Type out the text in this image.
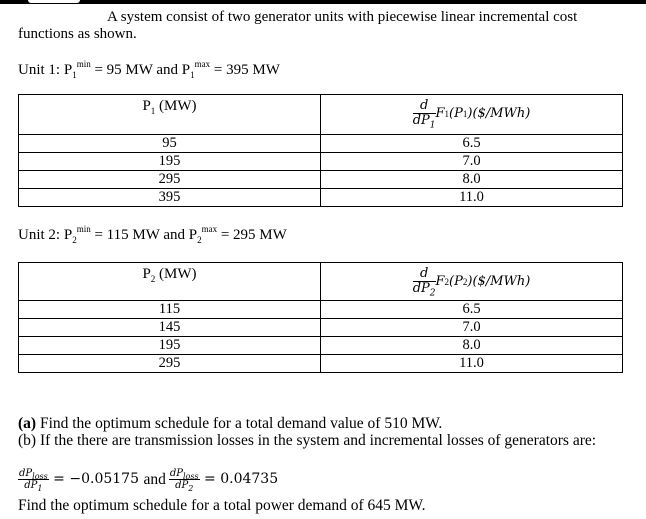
A system consist of two generator units with piecewise linear incremental cost
functions as shown.
Unit 1: $P_1^{min} = 95$ MW and $P_1^{max} = 395$ MW
$P_1$ (MW)	$\frac{d}{dP_1}$ F 1 (P 1 )($/MWh)

95	6.5
195	7.0
295	8.0
395	11.0
Unit 2: $P_2^{min} = 115$ MW and $P_2^{max} = 295$ MW
$P_2$ (MW)	$\frac{d}{dP_2}$ F 2 (P 2 )($/MWh)

115	6.5
145	7.0
195	8.0
295	11.0
(a) Find the optimum schedule for a total demand value of 510 MW.
(b) If the there are transmission losses in the system and incremental losses of generators are:
$\frac{dP_{loss}}{dP_1} = -0.05175$ and $\frac{dP_{loss}}{dP_2} = 0.04735$
Find the optimum schedule for a total power demand of 645 MW.
